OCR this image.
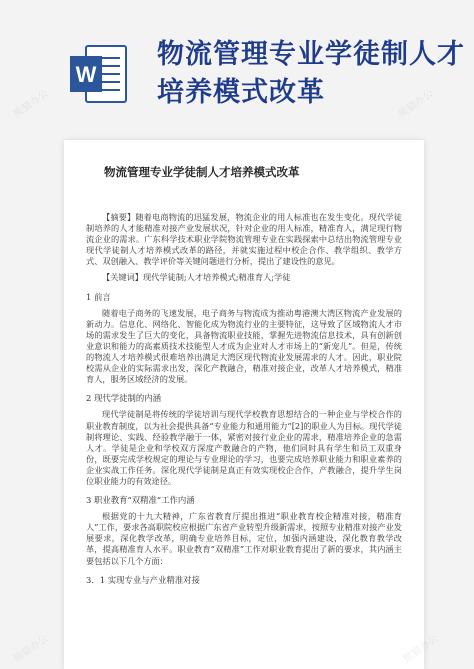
W
物流管理专业学徒制人才培养模式改革
物流管理专业学徒制人才培养模式改革

【摘要】随着电商物流的迅猛发展，物流企业的用人标准也在发生变化。现代学徒制培养的人才能精准对接产业发展状况，针对企业的用人标准，精准育人，满足现行物流企业的需求。广东科学技术职业学院物流管理专业在实践探索中总结出物流管理专业现代学徒制人才培养模式改革的路径，并就实施过程中校企合作、教学组织、教学方式、双创融入、教学评价等关键问题进行分析，提出了建设性的意见。

【关键词】现代学徒制;人才培养模式;精准育人;学徒

1 前言

随着电子商务的飞速发展，电子商务与物流成为推动粤港澳大湾区物流产业发展的新动力。信息化、网络化、智能化成为物流行业的主要特征，这导致了区域物流人才市场的需求发生了巨大的变化，具备物流职业技能，掌握先进物流信息技术，具有创新创业意识和能力的高素质技术技能型人才成为企业对人才市场上的“新宠儿”。但是，传统的物流人才培养模式很难培养出满足大湾区现代物流业发展需求的人才。因此，职业院校需从企业的实际需求出发，深化产教融合，精准对接企业，改革人才培养模式，精准育人，服务区域经济的发展。

2 现代学徒制的内涵

现代学徒制是将传统的学徒培训与现代学校教育思想结合的一种企业与学校合作的职业教育制度，以为社会提供具备“专业能力和通用能力”[2]的职业人为目标。现代学徒制将理论、实践、经验教学融于一体，紧密对接行业企业的需求，精准培养企业的急需人才。学徒是企业和学校双方深度产教融合的产物，他们同时具有学生和员工双重身份，既要完成学校规定的理论与专业理论的学习，也要完成培养职业能力和职业素养的企业实战工作任务。深化现代学徒制是真正有效实现校企合作，产教融合，提升学生岗位职业能力的有效途径。

3 职业教育“双精准”工作内涵

根据党的十九大精神，广东省教育厅提出推进“职业教育校企精准对接，精准育人”工作，要求各高职院校应根据广东省产业转型升级新需求，按照专业精准对接产业发展要求，深化教学改革，明确专业培养目标，定位，加强内涵建设，深化教育教学改革，提高精准育人水平。职业教育“双精准”工作对职业教育提出了新的要求，其内涵主要包括以下几个方面：

3．1 实现专业与产业精准对接
熊猫办公	熊猫办公
熊猫办公	熊猫办公
